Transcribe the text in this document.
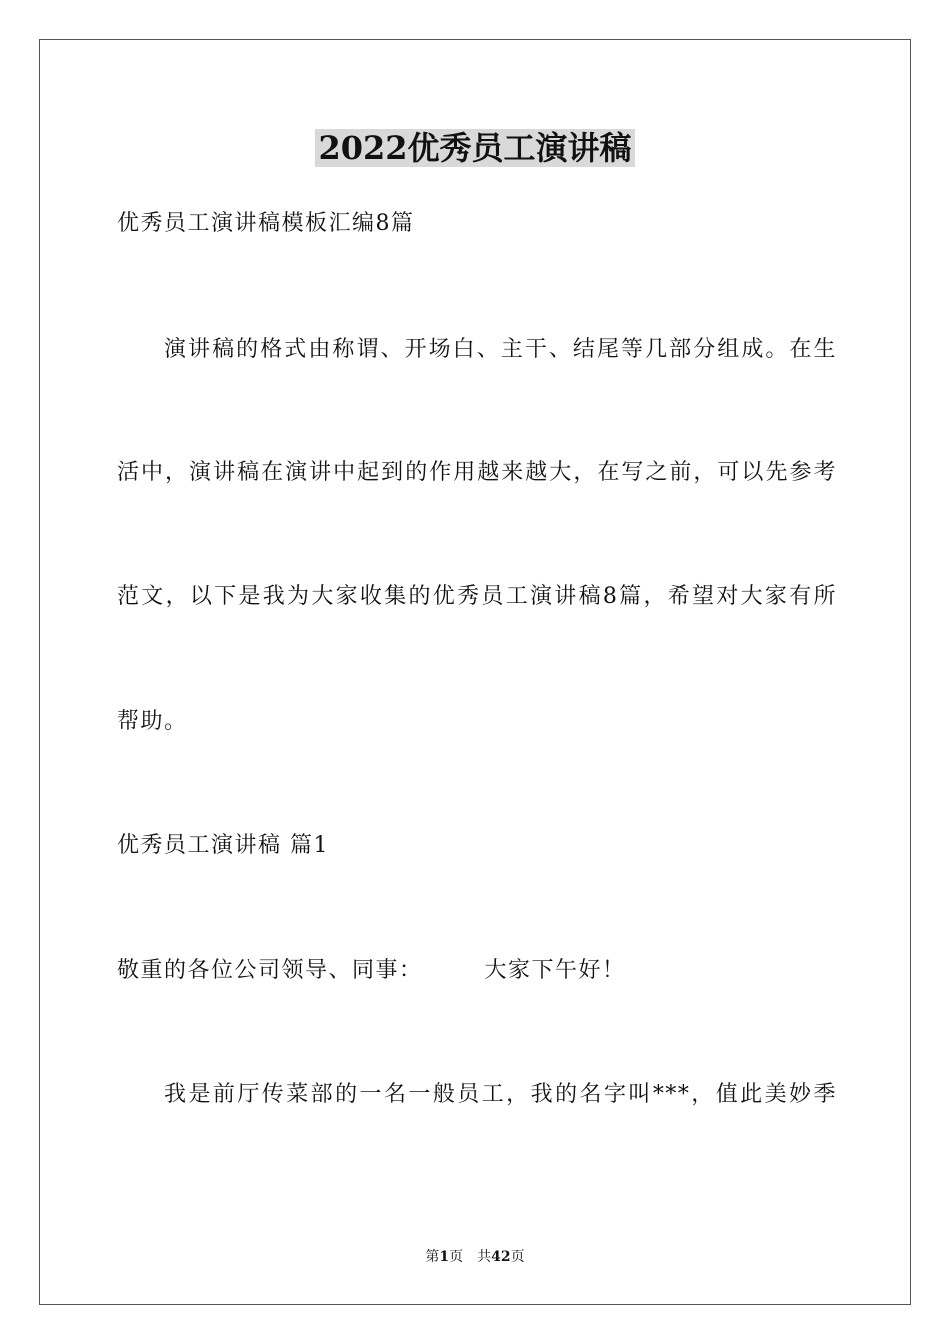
2022优秀员工演讲稿
优秀员工演讲稿模板汇编8篇
演讲稿的格式由称谓、开场白、主干、结尾等几部分组成。在生
活中，演讲稿在演讲中起到的作用越来越大，在写之前，可以先参考
范文，以下是我为大家收集的优秀员工演讲稿8篇，希望对大家有所
帮助。
优秀员工演讲稿 篇1
敬重的各位公司领导、同事：	大家下午好！
我是前厅传菜部的一名一般员工，我的名字叫***，值此美妙季
第1页 共42页
